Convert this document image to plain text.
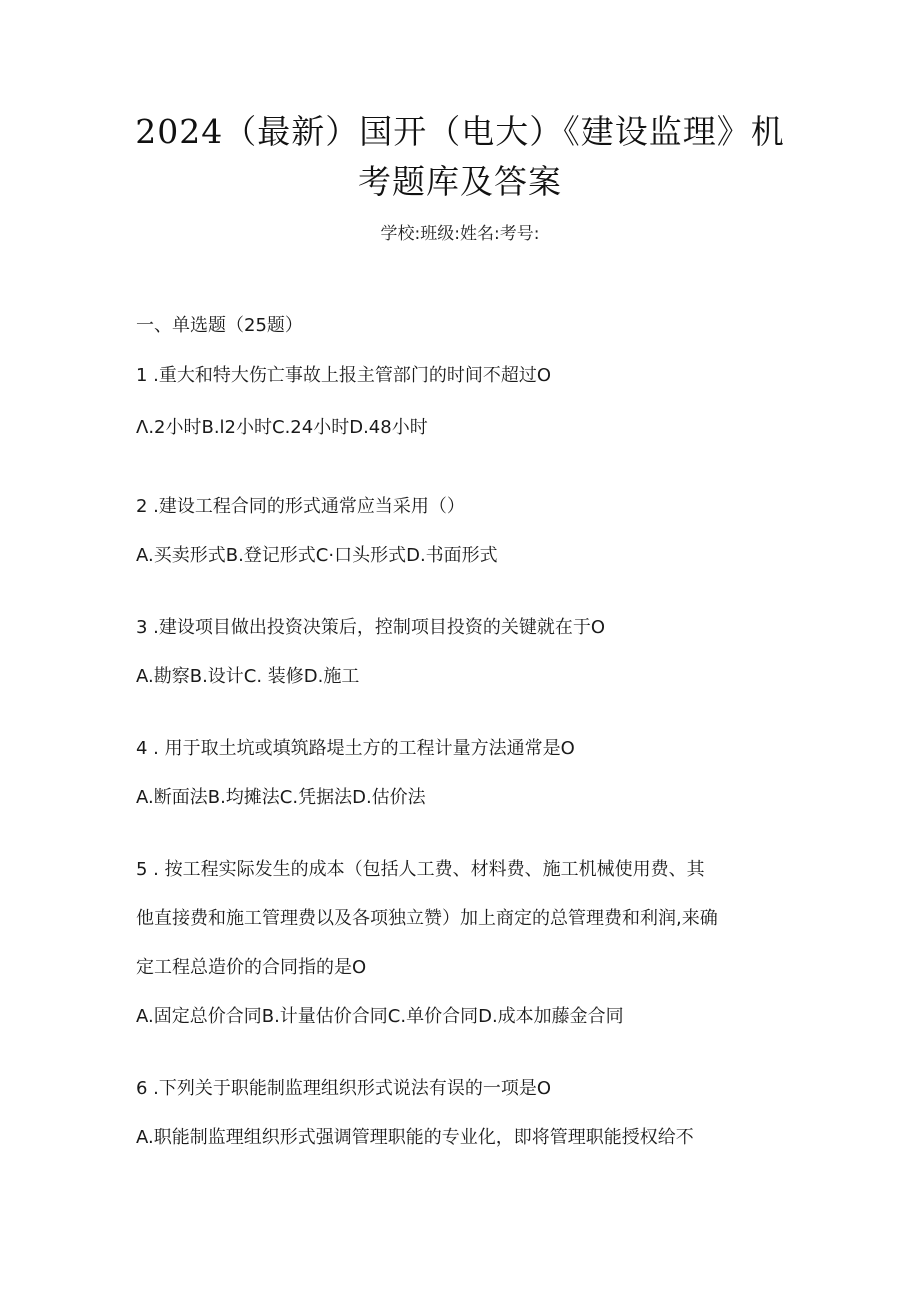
2024（最新）国开（电大）《建设监理》机
考题库及答案
学校:班级:姓名:考号:
一、单选题（25题）
1 .重大和特大伤亡事故上报主管部门的时间不超过O
Λ.2小时B.l2小时C.24小时D.48小时
2 .建设工程合同的形式通常应当采用（）
A.买卖形式B.登记形式C·口头形式D.书面形式
3 .建设项目做出投资决策后，控制项目投资的关键就在于O
A.勘察B.设计C. 装修D.施工
4 . 用于取土坑或填筑路堤土方的工程计量方法通常是O
A.断面法B.均摊法C.凭据法D.估价法
5 . 按工程实际发生的成本（包括人工费、材料费、施工机械使用费、其
他直接费和施工管理费以及各项独立赞）加上商定的总管理费和利润,来确
定工程总造价的合同指的是O
A.固定总价合同B.计量估价合同C.单价合同D.成本加藤金合同
6 .下列关于职能制监理组织形式说法有误的一项是O
A.职能制监理组织形式强调管理职能的专业化，即将管理职能授权给不
